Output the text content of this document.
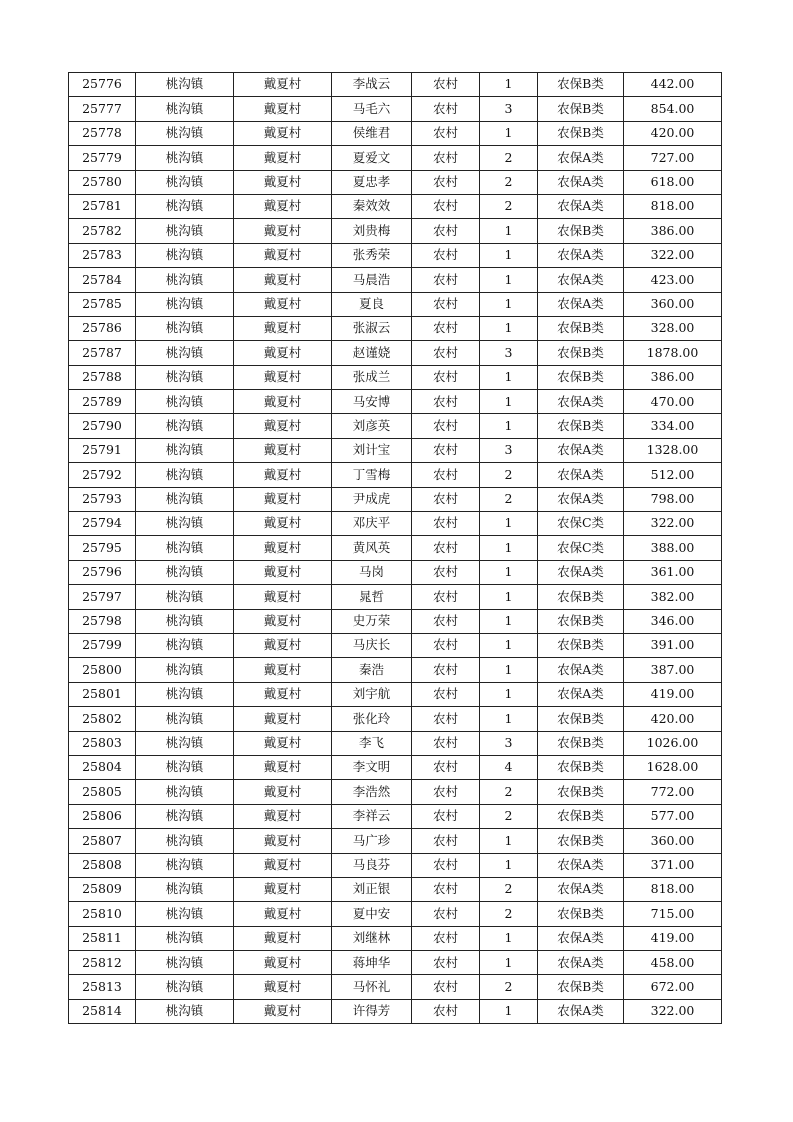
25776	桃沟镇	戴夏村	李战云	农村	1	农保B类	442.00
25777	桃沟镇	戴夏村	马毛六	农村	3	农保B类	854.00
25778	桃沟镇	戴夏村	侯维君	农村	1	农保B类	420.00
25779	桃沟镇	戴夏村	夏爱文	农村	2	农保A类	727.00
25780	桃沟镇	戴夏村	夏忠孝	农村	2	农保A类	618.00
25781	桃沟镇	戴夏村	秦效效	农村	2	农保A类	818.00
25782	桃沟镇	戴夏村	刘贵梅	农村	1	农保B类	386.00
25783	桃沟镇	戴夏村	张秀荣	农村	1	农保A类	322.00
25784	桃沟镇	戴夏村	马晨浩	农村	1	农保A类	423.00
25785	桃沟镇	戴夏村	夏良	农村	1	农保A类	360.00
25786	桃沟镇	戴夏村	张淑云	农村	1	农保B类	328.00
25787	桃沟镇	戴夏村	赵谨娆	农村	3	农保B类	1878.00
25788	桃沟镇	戴夏村	张成兰	农村	1	农保B类	386.00
25789	桃沟镇	戴夏村	马安博	农村	1	农保A类	470.00
25790	桃沟镇	戴夏村	刘彦英	农村	1	农保B类	334.00
25791	桃沟镇	戴夏村	刘计宝	农村	3	农保A类	1328.00
25792	桃沟镇	戴夏村	丁雪梅	农村	2	农保A类	512.00
25793	桃沟镇	戴夏村	尹成虎	农村	2	农保A类	798.00
25794	桃沟镇	戴夏村	邓庆平	农村	1	农保C类	322.00
25795	桃沟镇	戴夏村	黄风英	农村	1	农保C类	388.00
25796	桃沟镇	戴夏村	马岗	农村	1	农保A类	361.00
25797	桃沟镇	戴夏村	晁哲	农村	1	农保B类	382.00
25798	桃沟镇	戴夏村	史万荣	农村	1	农保B类	346.00
25799	桃沟镇	戴夏村	马庆长	农村	1	农保B类	391.00
25800	桃沟镇	戴夏村	秦浩	农村	1	农保A类	387.00
25801	桃沟镇	戴夏村	刘宇航	农村	1	农保A类	419.00
25802	桃沟镇	戴夏村	张化玲	农村	1	农保B类	420.00
25803	桃沟镇	戴夏村	李飞	农村	3	农保B类	1026.00
25804	桃沟镇	戴夏村	李文明	农村	4	农保B类	1628.00
25805	桃沟镇	戴夏村	李浩然	农村	2	农保B类	772.00
25806	桃沟镇	戴夏村	李祥云	农村	2	农保B类	577.00
25807	桃沟镇	戴夏村	马广珍	农村	1	农保B类	360.00
25808	桃沟镇	戴夏村	马良芬	农村	1	农保A类	371.00
25809	桃沟镇	戴夏村	刘正银	农村	2	农保A类	818.00
25810	桃沟镇	戴夏村	夏中安	农村	2	农保B类	715.00
25811	桃沟镇	戴夏村	刘继林	农村	1	农保A类	419.00
25812	桃沟镇	戴夏村	蒋坤华	农村	1	农保A类	458.00
25813	桃沟镇	戴夏村	马怀礼	农村	2	农保B类	672.00
25814	桃沟镇	戴夏村	许得芳	农村	1	农保A类	322.00
